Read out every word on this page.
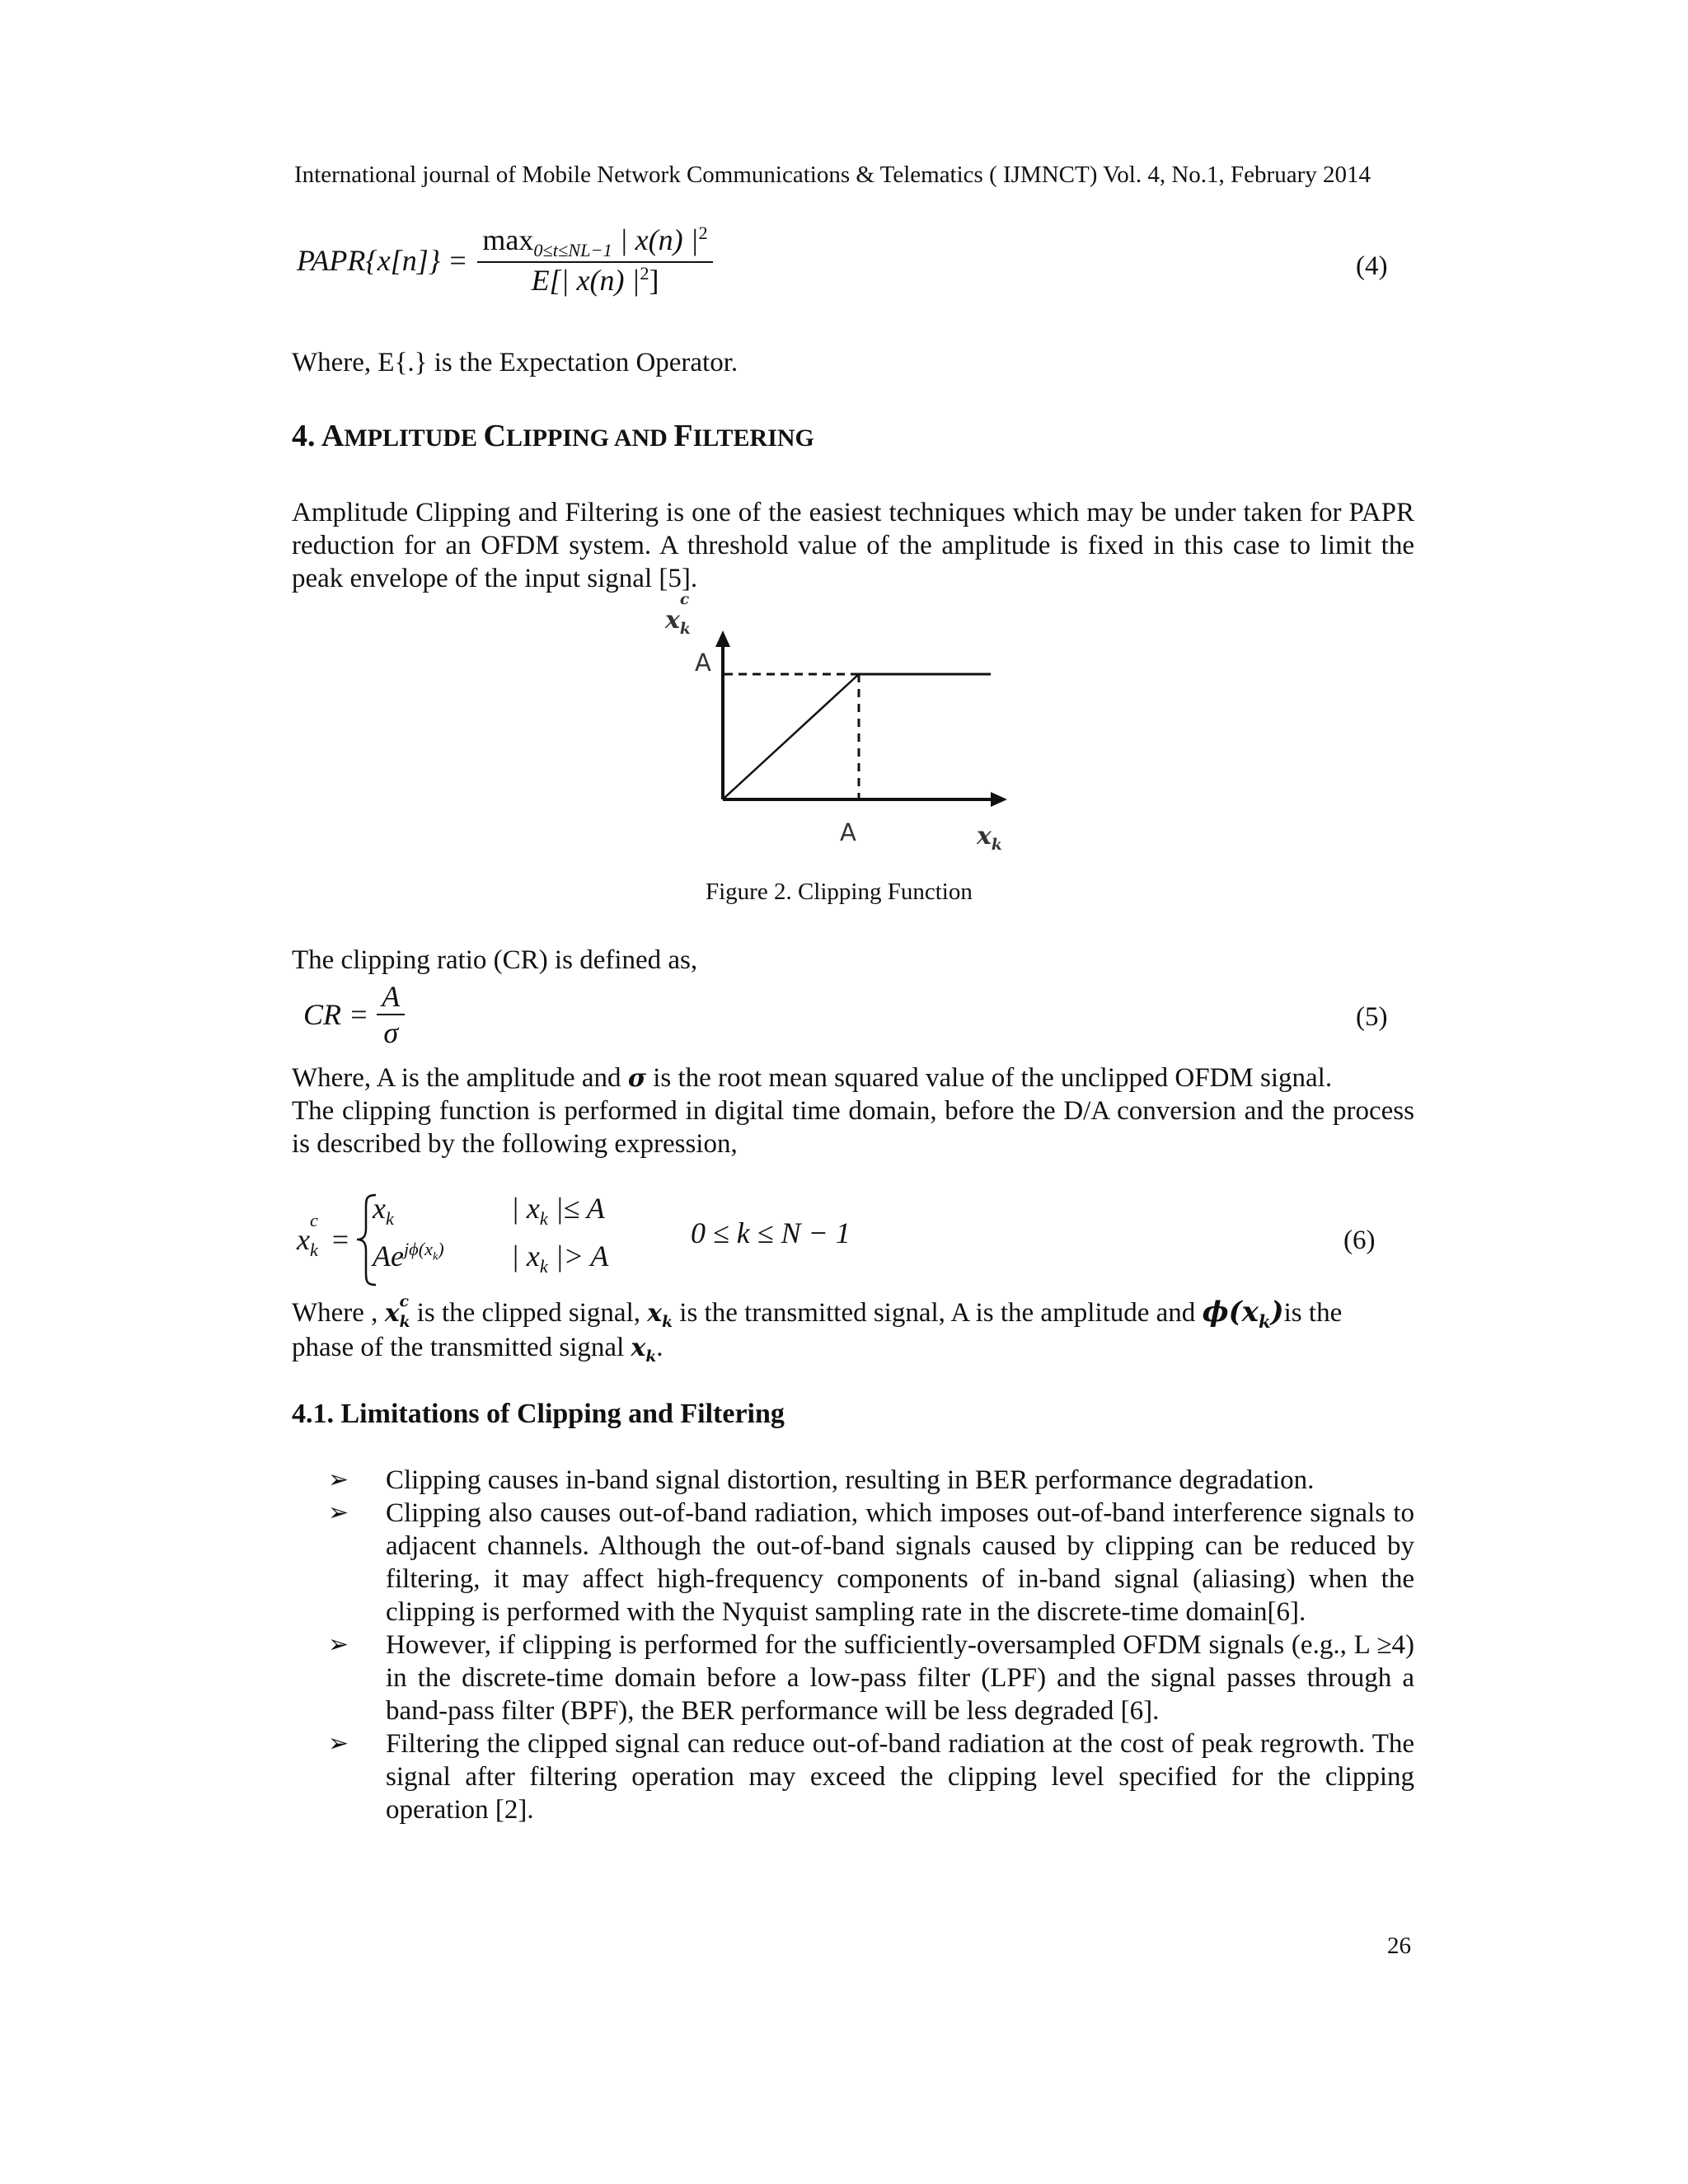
International journal of Mobile Network Communications & Telematics ( IJMNCT) Vol. 4, No.1, February 2014
PAPR{x[n]} = $\frac{\max_{0\le t\le NL-1} | x(n) |^2}{E[| x(n) |^2]}$	(4)
Where, E{.} is the Expectation Operator.
4. AMPLITUDE CLIPPING AND FILTERING

Amplitude Clipping and Filtering is one of the easiest techniques which may be under taken for PAPR reduction for an OFDM system. A threshold value of the amplitude is fixed in this case to limit the peak envelope of the input signal [5].

x
c
$_k$
A
A	$x_k$
Figure 2. Clipping Function
The clipping ratio (CR) is defined as,
CR = $\frac{A}{\sigma}$	(5)
Where, A is the amplitude and σ is the root mean squared value of the unclipped OFDM signal.

The clipping function is performed in digital time domain, before the D/A conversion and the process is described by the following expression,

x
c
$_k$ =
$x_k$	| $x_k$ |≤ A
$Ae^{j\phi(x_k)}$ | $x_k$ |> A
0 ≤ k ≤ N − 1	(6)
Where , x c
$_k$ is the clipped signal, $x_k$ is the transmitted signal, A is the amplitude and $\phi(x_k)is$ the
phase of the transmitted signal $x_k$.
4.1. Limitations of Clipping and Filtering
➢ Clipping causes in-band signal distortion, resulting in BER performance degradation.
➢ Clipping also causes out-of-band radiation, which imposes out-of-band interference signals to adjacent channels. Although the out-of-band signals caused by clipping can be reduced by filtering, it may affect high-frequency components of in-band signal (aliasing) when the clipping is performed with the Nyquist sampling rate in the discrete-time domain[6].
➢ However, if clipping is performed for the sufficiently-oversampled OFDM signals (e.g., L ≥4) in the discrete-time domain before a low-pass filter (LPF) and the signal passes through a band-pass filter (BPF), the BER performance will be less degraded [6].
➢ Filtering the clipped signal can reduce out-of-band radiation at the cost of peak regrowth. The signal after filtering operation may exceed the clipping level specified for the clipping operation [2].
26
